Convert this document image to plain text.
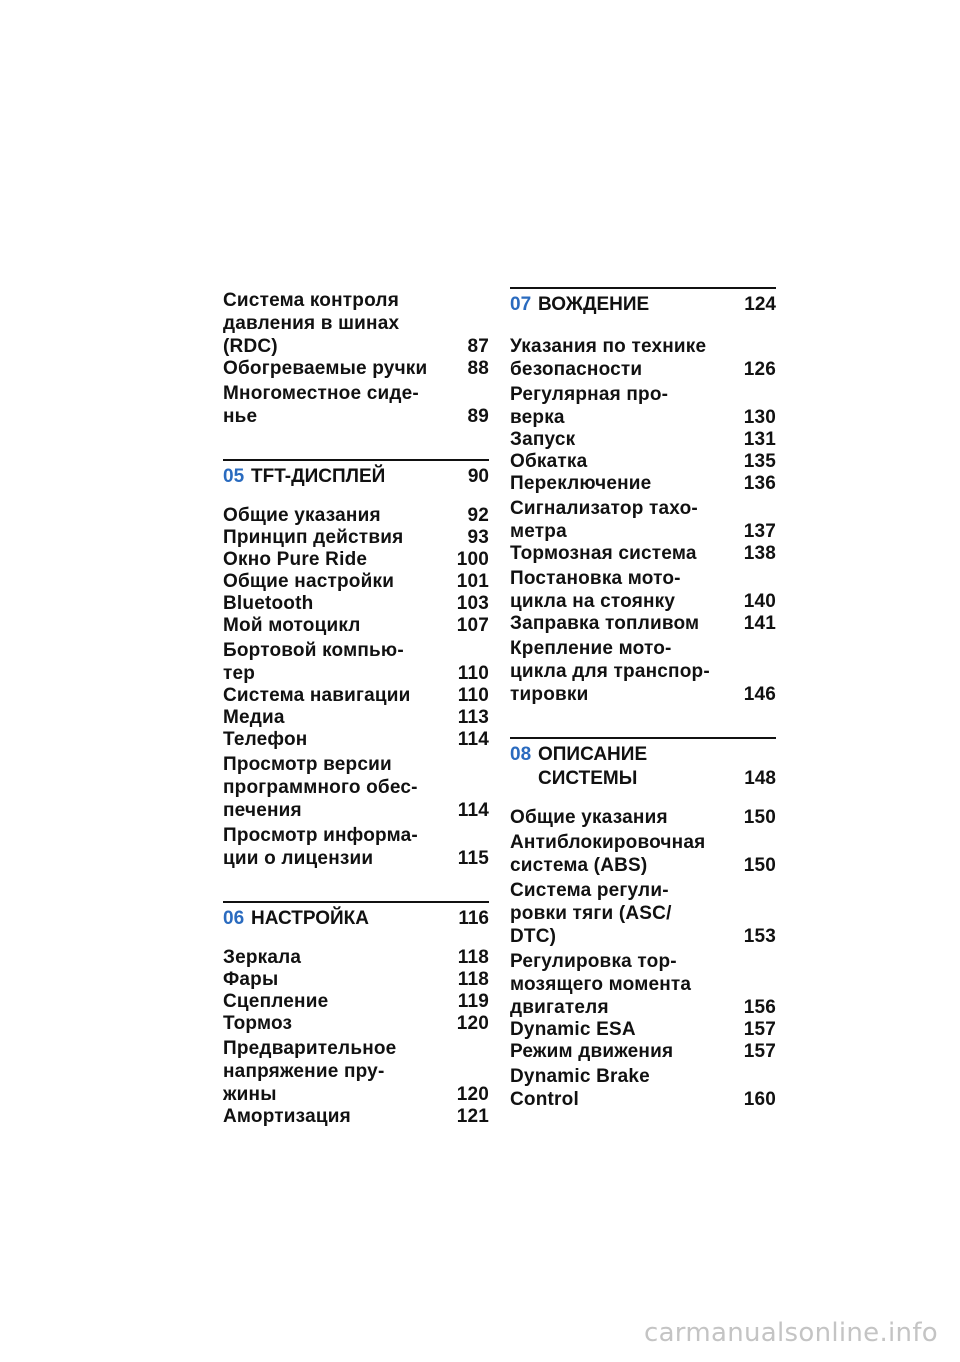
Система контроля
давления в шинах
(RDC)	87
Обогреваемые ручки	88
Многоместное сиде-
нье	89
05 TFT-ДИСПЛЕЙ	90
Общие указания	92
Принцип действия	93
Окно Pure Ride	100
Общие настройки	101
Bluetooth	103
Мой мотоцикл	107
Бортовой компью-
тер	110
Система навигации	110
Медиа	113
Телефон	114
Просмотр версии
программного обес-
печения	114
Просмотр информа-
ции о лицензии	115
06 НАСТРОЙКА	116
Зеркала	118
Фары	118
Сцепление	119
Тормоз	120
Предварительное
напряжение пру-
жины	120
Амортизация	121
07 ВОЖДЕНИЕ	124
Указания по технике
безопасности	126
Регулярная про-
верка	130
Запуск	131
Обкатка	135
Переключение	136
Сигнализатор тахо-
метра	137
Тормозная система	138
Постановка мото-
цикла на стоянку	140
Заправка топливом	141
Крепление мото-
цикла для транспор-
тировки	146
08 ОПИСАНИЕ
СИСТЕМЫ	148
Общие указания	150
Антиблокировочная
система (ABS)	150
Система регули-
ровки тяги (ASC/
DTC)	153
Регулировка тор-
мозящего момента
двигателя	156
Dynamic ESA	157
Режим движения	157
Dynamic Brake
Control	160
carmanualsonline.info
